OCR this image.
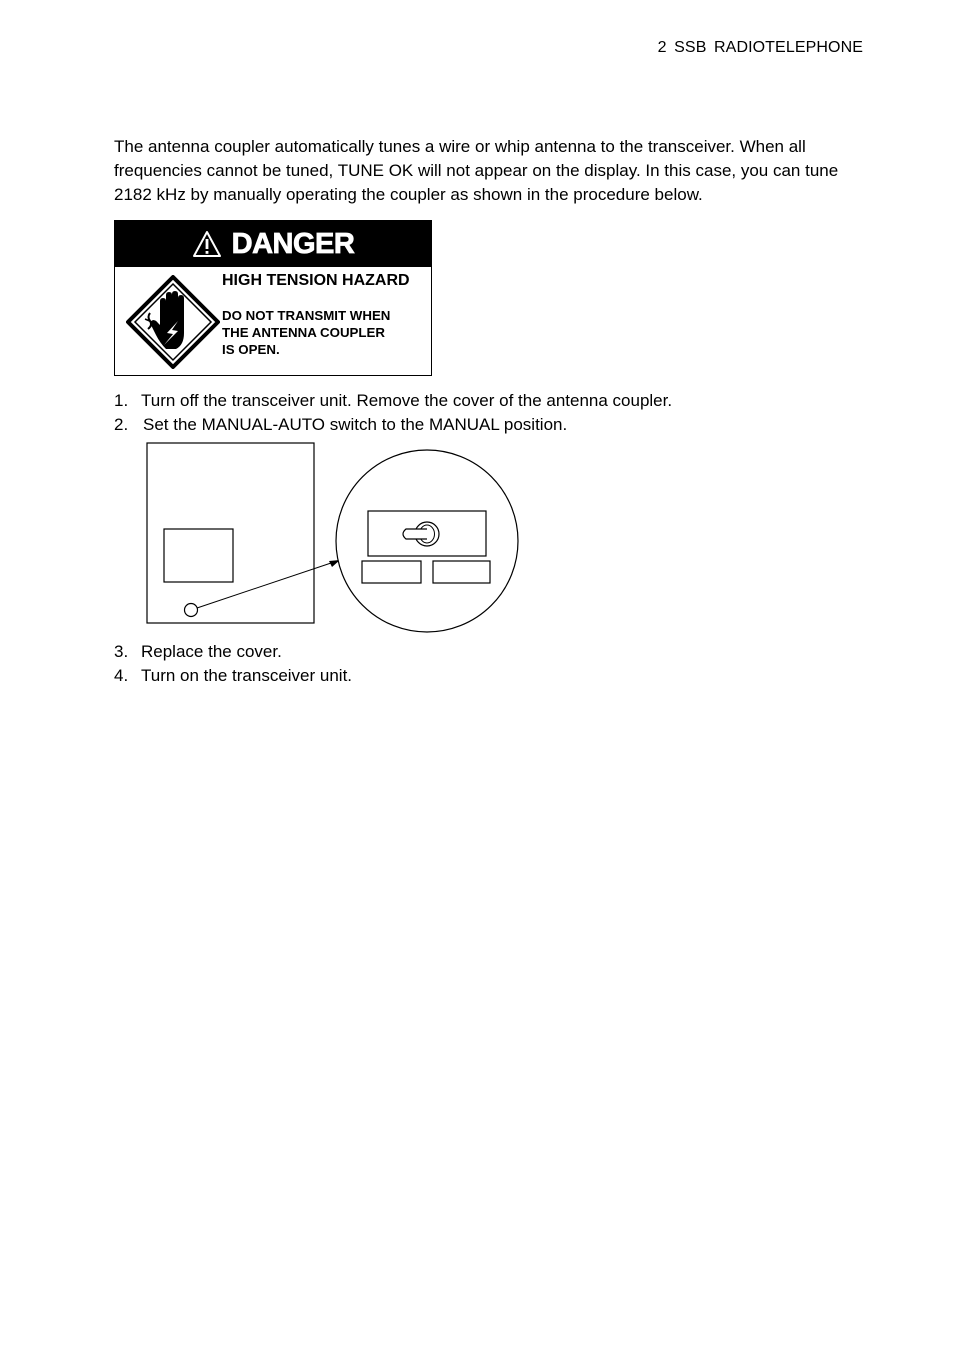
2 SSB RADIOTELEPHONE

The antenna coupler automatically tunes a wire or whip antenna to the transceiver. When all frequencies cannot be tuned, TUNE OK will not appear on the display. In this case, you can tune 2182 kHz by manually operating the coupler as shown in the procedure below.

DANGER
HIGH TENSION HAZARD
DO NOT TRANSMIT WHEN
THE ANTENNA COUPLER
IS OPEN.
1. Turn off the transceiver unit. Remove the cover of the antenna coupler.
2. Set the MANUAL-AUTO switch to the MANUAL position.
3. Replace the cover.
4. Turn on the transceiver unit.
